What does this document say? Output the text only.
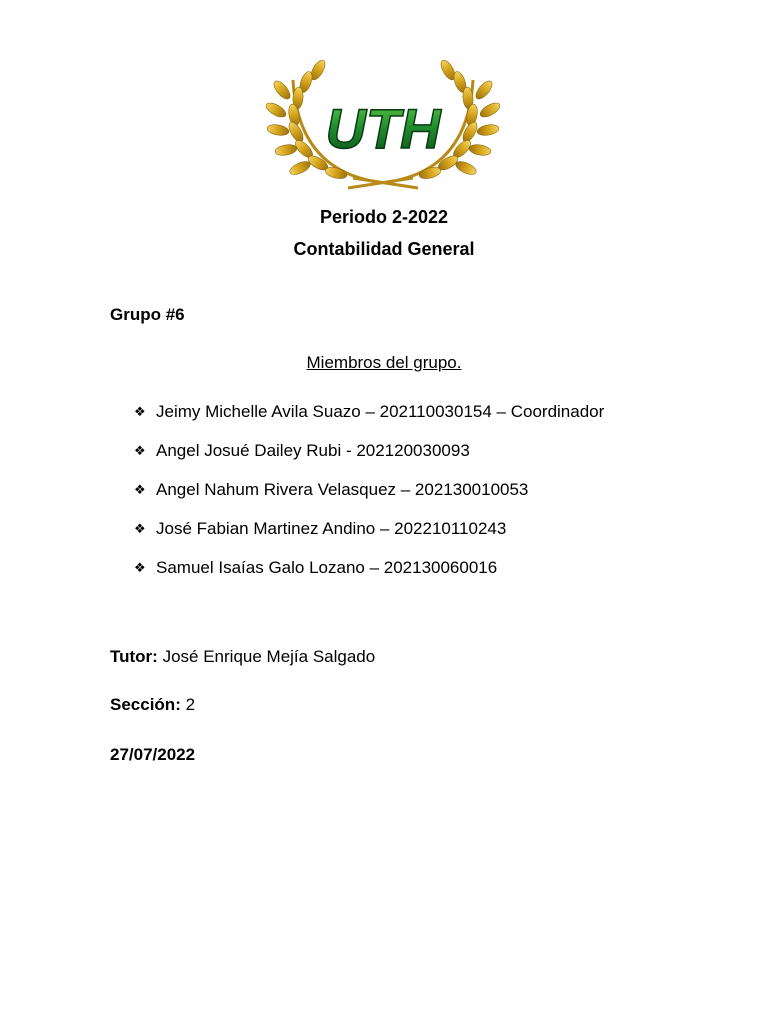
UTH
Periodo 2-2022
Contabilidad General
Grupo #6
Miembros del grupo.
❖ Jeimy Michelle Avila Suazo – 202110030154 – Coordinador
❖ Angel Josué Dailey Rubi - 202120030093
❖ Angel Nahum Rivera Velasquez – 202130010053
❖ José Fabian Martinez Andino – 202210110243
❖ Samuel Isaías Galo Lozano – 202130060016
Tutor: José Enrique Mejía Salgado
Sección: 2
27/07/2022
